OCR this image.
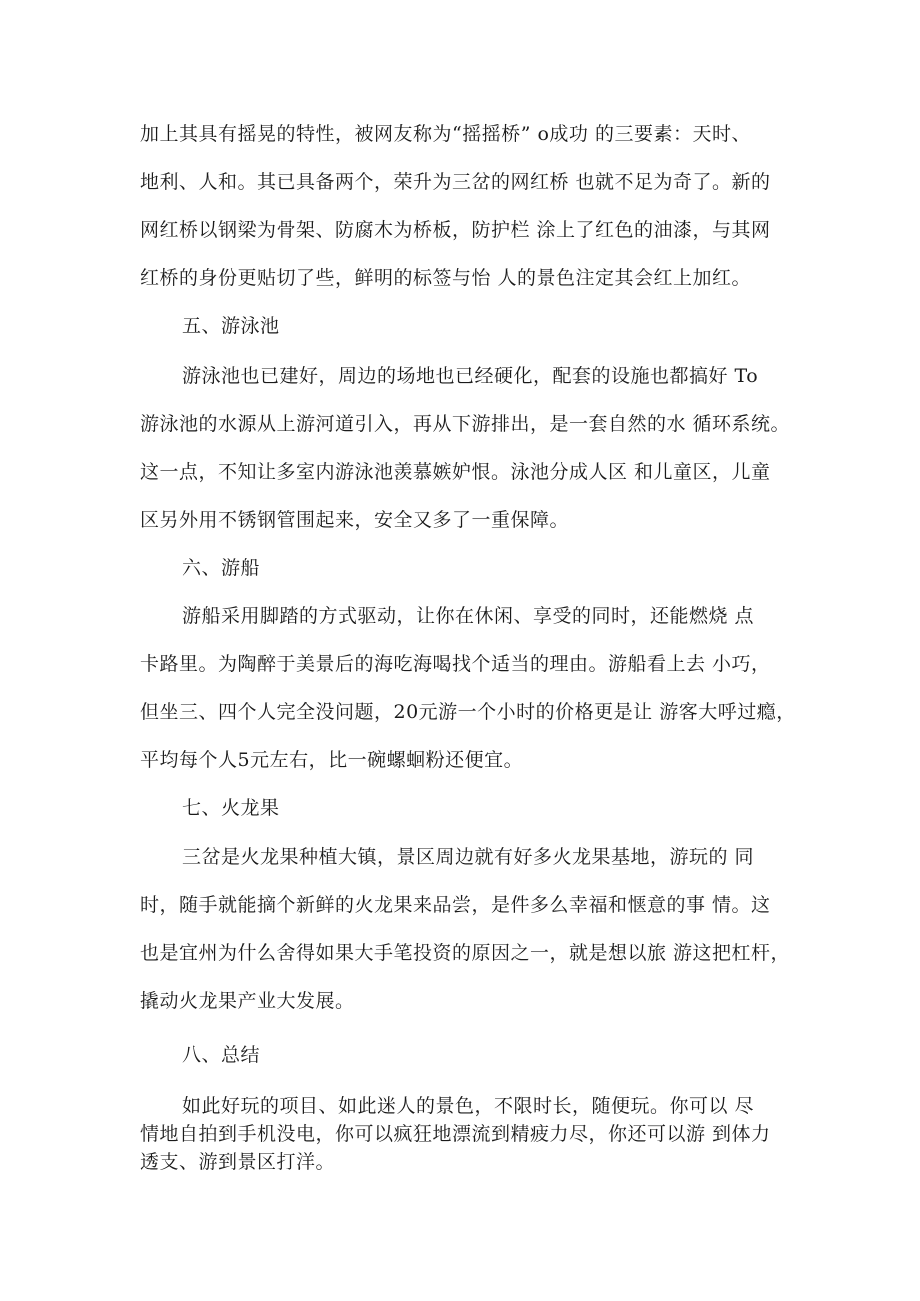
加上其具有摇晃的特性，被网友称为“摇摇桥” o成功 的三要素：天时、
地利、人和。其已具备两个，荣升为三岔的网红桥 也就不足为奇了。新的
网红桥以钢梁为骨架、防腐木为桥板，防护栏 涂上了红色的油漆，与其网
红桥的身份更贴切了些，鲜明的标签与怡 人的景色注定其会红上加红。
五、游泳池
游泳池也已建好，周边的场地也已经硬化，配套的设施也都搞好 To
游泳池的水源从上游河道引入，再从下游排出，是一套自然的水 循环系统。
这一点，不知让多室内游泳池羡慕嫉妒恨。泳池分成人区 和儿童区，儿童
区另外用不锈钢管围起来，安全又多了一重保障。
六、游船
游船采用脚踏的方式驱动，让你在休闲、享受的同时，还能燃烧 点
卡路里。为陶醉于美景后的海吃海喝找个适当的理由。游船看上去 小巧，
但坐三、四个人完全没问题，20元游一个小时的价格更是让 游客大呼过瘾，
平均每个人5元左右，比一碗螺蛔粉还便宜。
七、火龙果
三岔是火龙果种植大镇，景区周边就有好多火龙果基地，游玩的 同
时，随手就能摘个新鲜的火龙果来品尝，是件多么幸福和惬意的事 情。这
也是宜州为什么舍得如果大手笔投资的原因之一，就是想以旅 游这把杠杆，
撬动火龙果产业大发展。
八、总结
如此好玩的项目、如此迷人的景色，不限时长，随便玩。你可以 尽
情地自拍到手机没电，你可以疯狂地漂流到精疲力尽，你还可以游 到体力
透支、游到景区打洋。
